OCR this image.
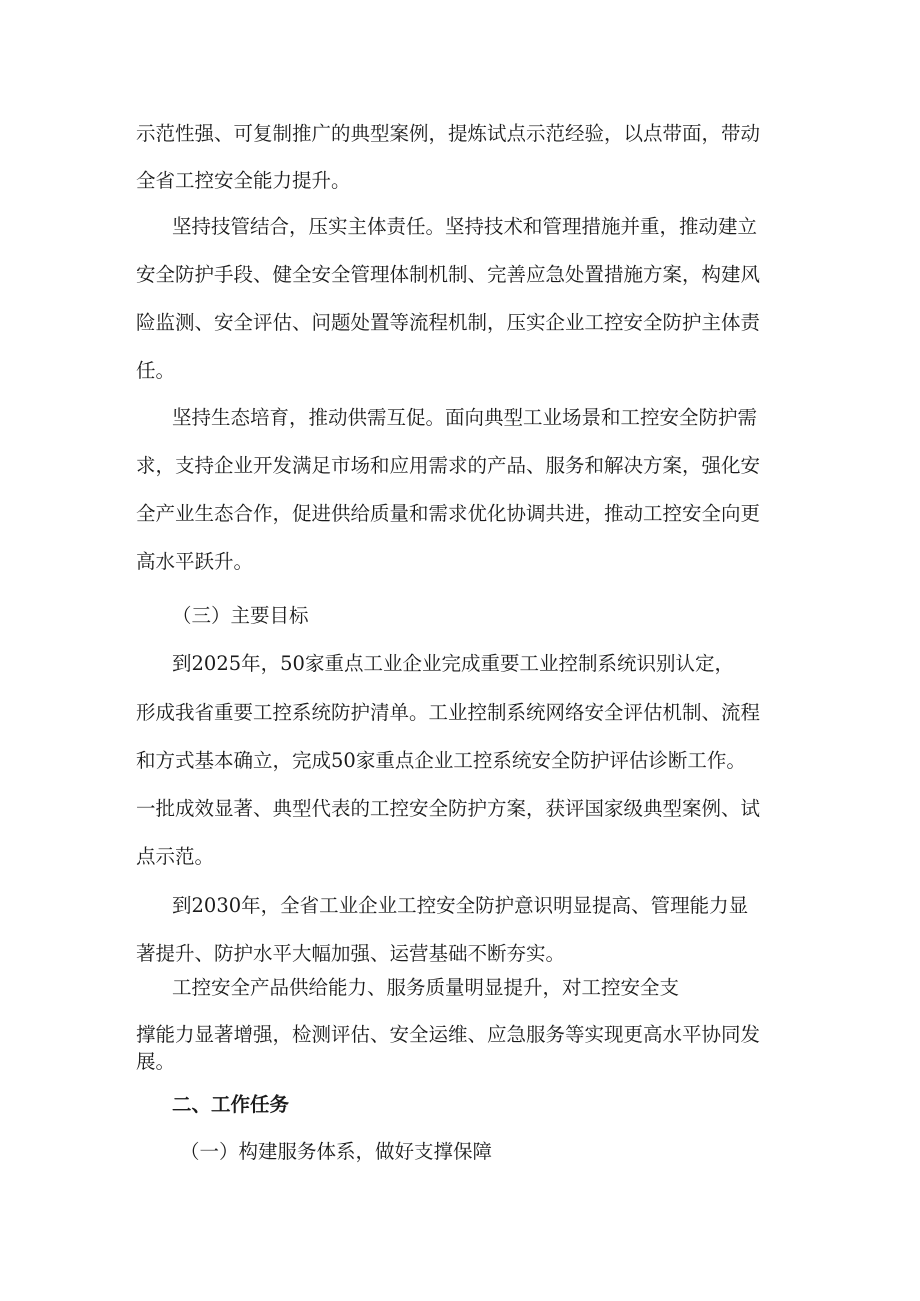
示范性强、可复制推广的典型案例，提炼试点示范经验，以点带面，带动
全省工控安全能力提升。
坚持技管结合，压实主体责任。坚持技术和管理措施并重，推动建立
安全防护手段、健全安全管理体制机制、完善应急处置措施方案，构建风
险监测、安全评估、问题处置等流程机制，压实企业工控安全防护主体责
任。
坚持生态培育，推动供需互促。面向典型工业场景和工控安全防护需
求，支持企业开发满足市场和应用需求的产品、服务和解决方案，强化安
全产业生态合作，促进供给质量和需求优化协调共进，推动工控安全向更
高水平跃升。
（三）主要目标
到2025年，50家重点工业企业完成重要工业控制系统识别认定，
形成我省重要工控系统防护清单。工业控制系统网络安全评估机制、流程
和方式基本确立，完成50家重点企业工控系统安全防护评估诊断工作。
一批成效显著、典型代表的工控安全防护方案，获评国家级典型案例、试
点示范。
到2030年，全省工业企业工控安全防护意识明显提高、管理能力显
著提升、防护水平大幅加强、运营基础不断夯实。
工控安全产品供给能力、服务质量明显提升，对工控安全支
撑能力显著增强，检测评估、安全运维、应急服务等实现更高水平协同发
展。
二、工作任务
（一）构建服务体系，做好支撑保障
